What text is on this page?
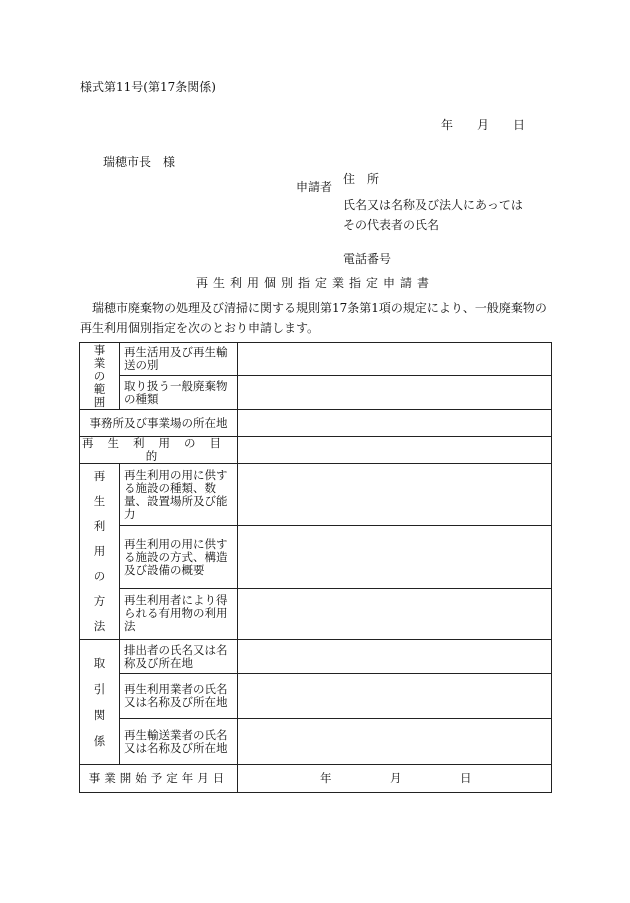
様式第11号(第17条関係)
年 月 日
瑞穂市長　様
申請者
住　所
氏名又は名称及び法人にあっては
その代表者の氏名
電話番号
再生利用個別指定業指定申請書
瑞穂市廃棄物の処理及び清掃に関する規則第17条第1項の規定により、一般廃棄物の再生利用個別指定を次のとおり申請します。
事業の範囲	再生活用及び再生輸送の別	
	取り扱う一般廃棄物の種類	
事務所及び事業場の所在地		
再生利用の目的		

再生利用の方法	再生利用の用に供する施設の種類、数量、設置場所及び能力	
	再生利用の用に供する施設の方式、構造及び設備の概要	
	再生利用者により得られる有用物の利用法	

取引関係	排出者の氏名又は名称及び所在地	
	再生利用業者の氏名又は名称及び所在地	
	再生輸送業者の氏名又は名称及び所在地	
事業開始予定年月日		年 月 日
